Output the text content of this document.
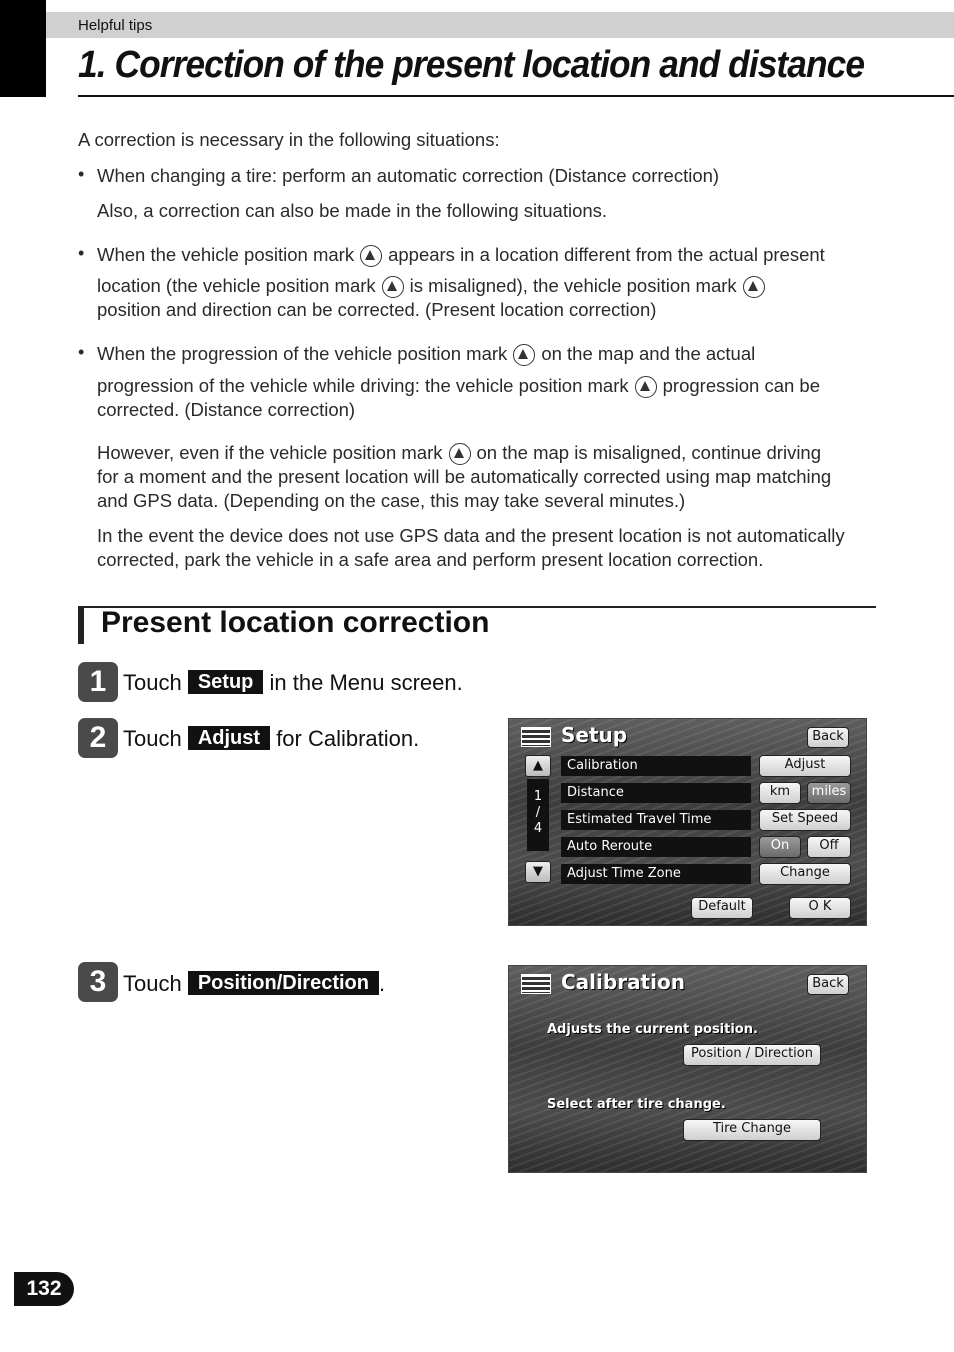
Helpful tips
1. Correction of the present location and distance
A correction is necessary in the following situations:
• When changing a tire: perform an automatic correction (Distance correction)
Also, a correction can also be made in the following situations.
• When the vehicle position mark appears in a location different from the actual present
location (the vehicle position mark is misaligned), the vehicle position mark
position and direction can be corrected. (Present location correction)
• When the progression of the vehicle position mark on the map and the actual
progression of the vehicle while driving: the vehicle position mark progression can be
corrected. (Distance correction)
However, even if the vehicle position mark on the map is misaligned, continue driving
for a moment and the present location will be automatically corrected using map matching
and GPS data. (Depending on the case, this may take several minutes.)
In the event the device does not use GPS data and the present location is not automatically
corrected, park the vehicle in a safe area and perform present location correction.
Present location correction
1 Touch Setup in the Menu screen.
2 Touch Adjust for Calibration.
3 Touch Position/Direction .
Setup	Back
▲
1
/
4
▼
Calibration	Adjust
Distance	km	miles
Estimated Travel Time	Set Speed
Auto Reroute	On	Off
Adjust Time Zone	Change
Default	O K
Calibration	Back
Adjusts the current position.
Position / Direction
Select after tire change.
Tire Change
132
